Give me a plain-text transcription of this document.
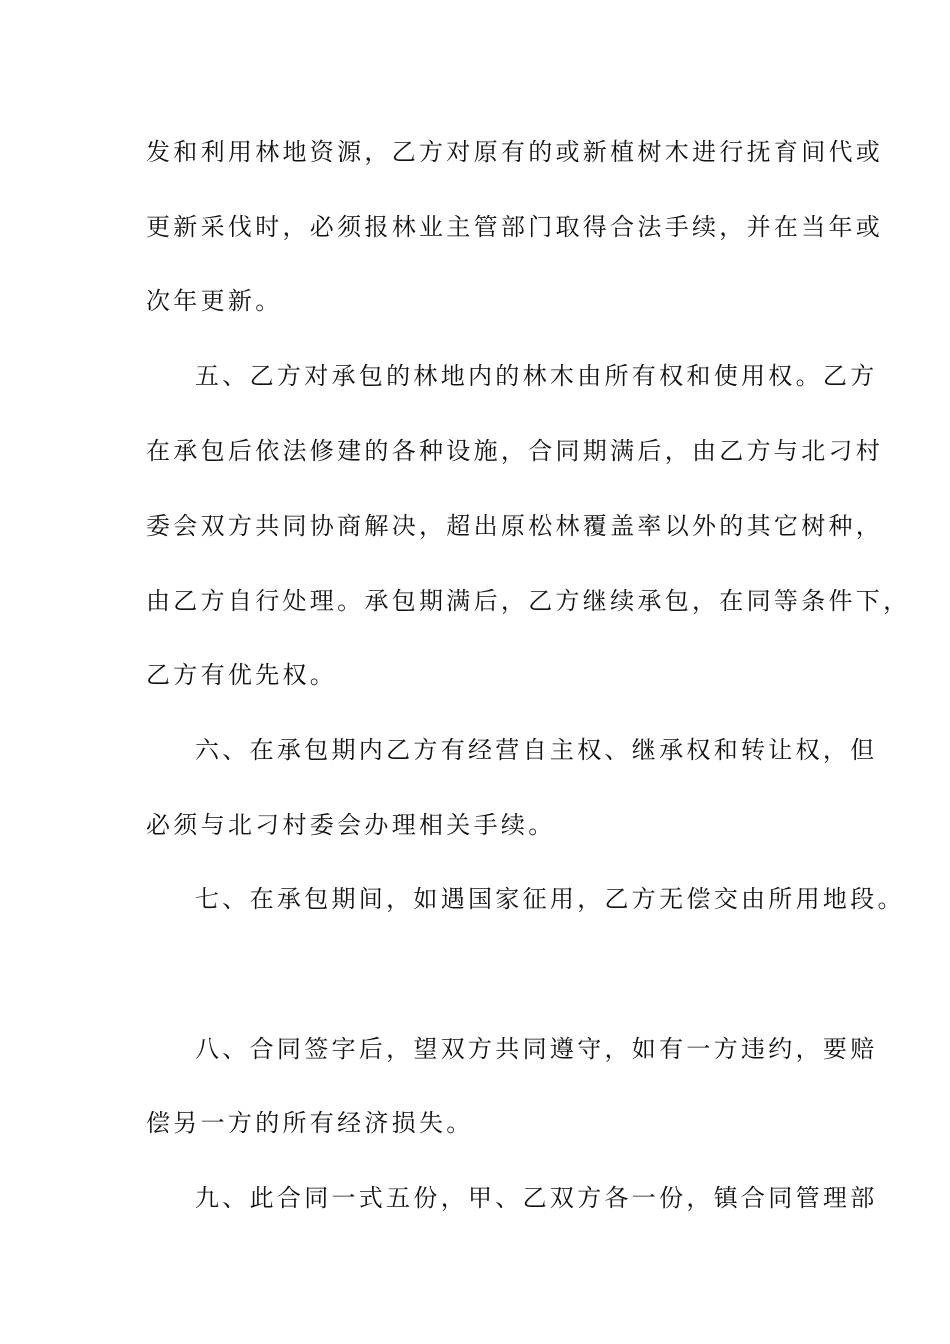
发和利用林地资源，乙方对原有的或新植树木进行抚育间代或
更新采伐时，必须报林业主管部门取得合法手续，并在当年或
次年更新。
五、乙方对承包的林地内的林木由所有权和使用权。乙方
在承包后依法修建的各种设施，合同期满后，由乙方与北刁村
委会双方共同协商解决，超出原松林覆盖率以外的其它树种，
由乙方自行处理。承包期满后，乙方继续承包，在同等条件下，
乙方有优先权。
六、在承包期内乙方有经营自主权、继承权和转让权，但
必须与北刁村委会办理相关手续。
七、在承包期间，如遇国家征用，乙方无偿交由所用地段。
八、合同签字后，望双方共同遵守，如有一方违约，要赔
偿另一方的所有经济损失。
九、此合同一式五份，甲、乙双方各一份，镇合同管理部
